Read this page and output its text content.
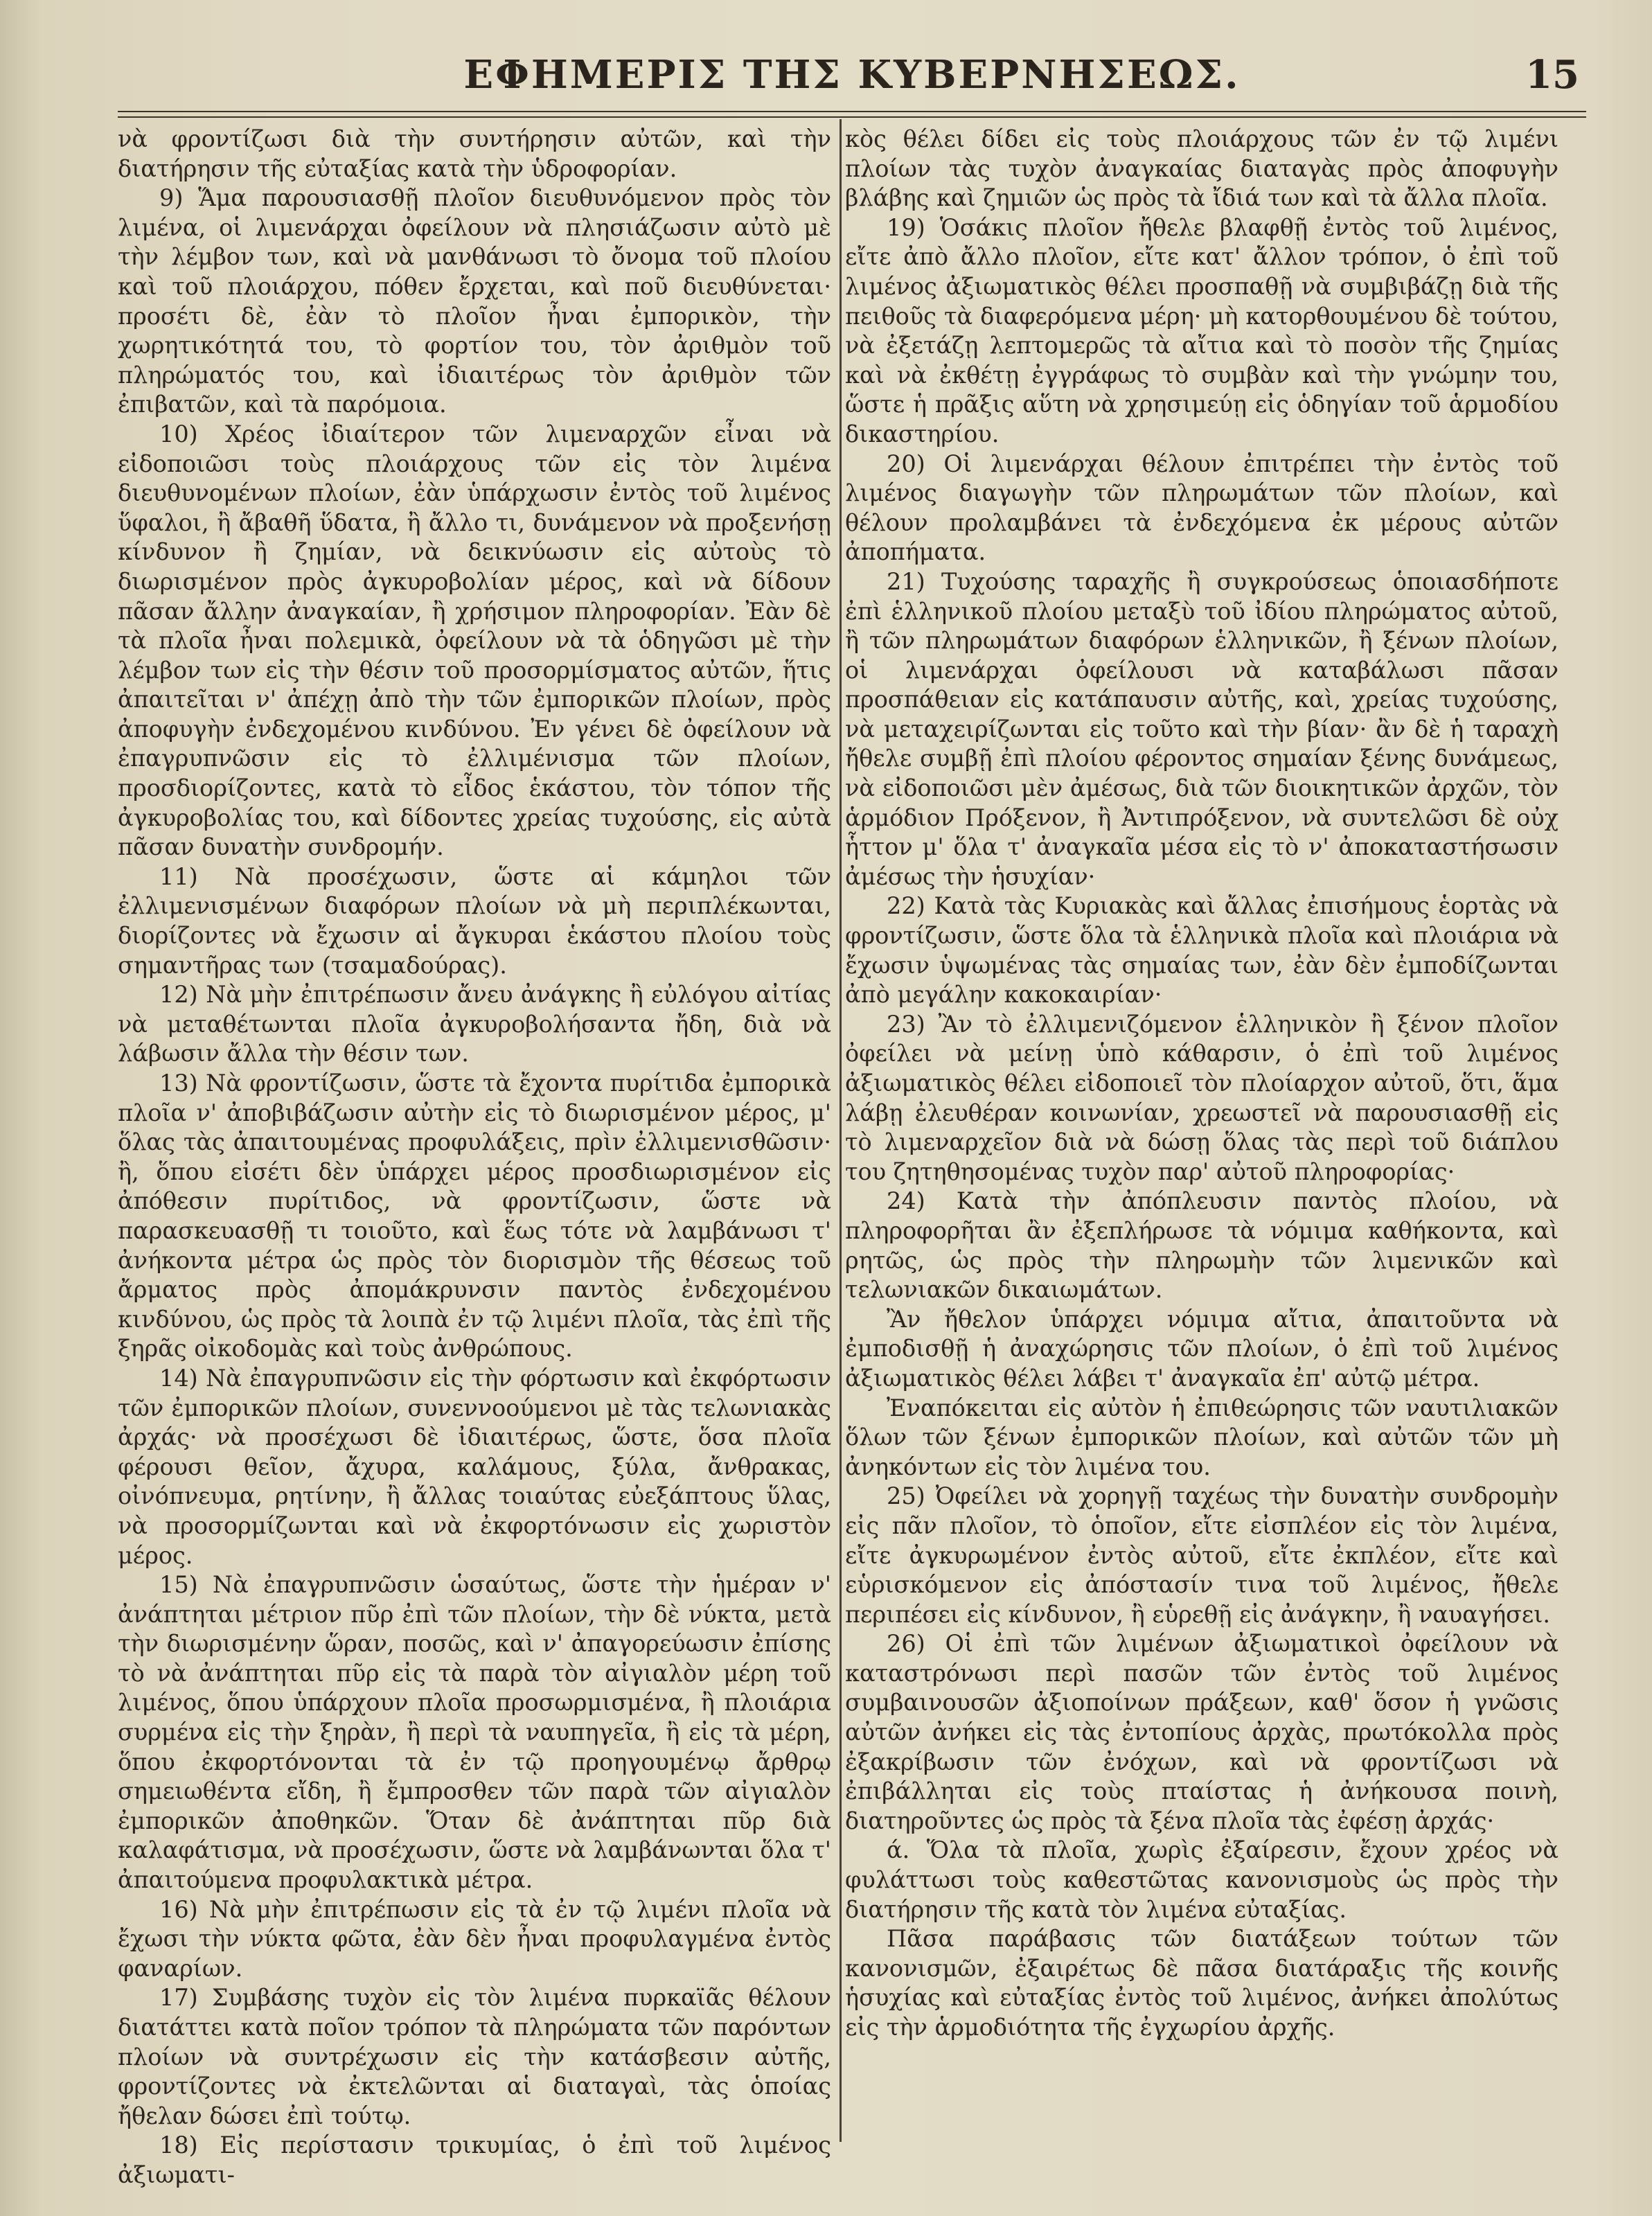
ΕΦΗΜΕΡΙΣ ΤΗΣ ΚΥΒΕΡΝΗΣΕΩΣ.	15

νὰ φροντίζωσι διὰ τὴν συντήρησιν αὐτῶν, καὶ τὴν διατήρησιν τῆς εὐταξίας κατὰ τὴν ὑδροφορίαν.

9) Ἅμα παρουσιασθῇ πλοῖον διευθυνόμενον πρὸς τὸν λιμένα, οἱ λιμενάρχαι ὀφείλουν νὰ πλησιάζωσιν αὐτὸ μὲ τὴν λέμβον των, καὶ νὰ μανθάνωσι τὸ ὄνομα τοῦ πλοίου καὶ τοῦ πλοιάρχου, πόθεν ἔρχεται, καὶ ποῦ διευθύνεται· προσέτι δὲ, ἐὰν τὸ πλοῖον ἦναι ἐμπορικὸν, τὴν χωρητικότητά του, τὸ φορτίον του, τὸν ἀριθμὸν τοῦ πληρώματός του, καὶ ἰδιαιτέρως τὸν ἀριθμὸν τῶν ἐπιβατῶν, καὶ τὰ παρόμοια.

10) Χρέος ἰδιαίτερον τῶν λιμεναρχῶν εἶναι νὰ εἰδοποιῶσι τοὺς πλοιάρχους τῶν εἰς τὸν λιμένα διευθυνομένων πλοίων, ἐὰν ὑπάρχωσιν ἐντὸς τοῦ λιμένος ὕφαλοι, ἢ ἄβαθῆ ὕδατα, ἢ ἄλλο τι, δυνάμενον νὰ προξενήσῃ κίνδυνον ἢ ζημίαν, νὰ δεικνύωσιν εἰς αὐτοὺς τὸ διωρισμένον πρὸς ἀγκυροβολίαν μέρος, καὶ νὰ δίδουν πᾶσαν ἄλλην ἀναγκαίαν, ἢ χρήσιμον πληροφορίαν. Ἐὰν δὲ τὰ πλοῖα ἦναι πολεμικὰ, ὀφείλουν νὰ τὰ ὁδηγῶσι μὲ τὴν λέμβον των εἰς τὴν θέσιν τοῦ προσορμίσματος αὐτῶν, ἥτις ἀπαιτεῖται ν' ἀπέχῃ ἀπὸ τὴν τῶν ἐμπορικῶν πλοίων, πρὸς ἀποφυγὴν ἐνδεχομένου κινδύνου. Ἐν γένει δὲ ὀφείλουν νὰ ἐπαγρυπνῶσιν εἰς τὸ ἐλλιμένισμα τῶν πλοίων, προσδιορίζοντες, κατὰ τὸ εἶδος ἑκάστου, τὸν τόπον τῆς ἀγκυροβολίας του, καὶ δίδοντες χρείας τυχούσης, εἰς αὐτὰ πᾶσαν δυνατὴν συνδρομήν.

11) Νὰ προσέχωσιν, ὥστε αἱ κάμηλοι τῶν ἐλλιμενισμένων διαφόρων πλοίων νὰ μὴ περιπλέκωνται, διορίζοντες νὰ ἔχωσιν αἱ ἄγκυραι ἑκάστου πλοίου τοὺς σημαντῆρας των (τσαμαδούρας).

12) Νὰ μὴν ἐπιτρέπωσιν ἄνευ ἀνάγκης ἢ εὐλόγου αἰτίας νὰ μεταθέτωνται πλοῖα ἀγκυροβολήσαντα ἤδη, διὰ νὰ λάβωσιν ἄλλα τὴν θέσιν των.

13) Νὰ φροντίζωσιν, ὥστε τὰ ἔχοντα πυρίτιδα ἐμπορικὰ πλοῖα ν' ἀποβιβάζωσιν αὐτὴν εἰς τὸ διωρισμένον μέρος, μ' ὅλας τὰς ἀπαιτουμένας προφυλάξεις, πρὶν ἐλλιμενισθῶσιν· ἢ, ὅπου εἰσέτι δὲν ὑπάρχει μέρος προσδιωρισμένον εἰς ἀπόθεσιν πυρίτιδος, νὰ φροντίζωσιν, ὥστε νὰ παρασκευασθῇ τι τοιοῦτο, καὶ ἕως τότε νὰ λαμβάνωσι τ' ἀνήκοντα μέτρα ὡς πρὸς τὸν διορισμὸν τῆς θέσεως τοῦ ἄρματος πρὸς ἀπομάκρυνσιν παντὸς ἐνδεχομένου κινδύνου, ὡς πρὸς τὰ λοιπὰ ἐν τῷ λιμένι πλοῖα, τὰς ἐπὶ τῆς ξηρᾶς οἰκοδομὰς καὶ τοὺς ἀνθρώπους.

14) Νὰ ἐπαγρυπνῶσιν εἰς τὴν φόρτωσιν καὶ ἐκφόρτωσιν τῶν ἐμπορικῶν πλοίων, συνεννοούμενοι μὲ τὰς τελωνιακὰς ἀρχάς· νὰ προσέχωσι δὲ ἰδιαιτέρως, ὥστε, ὅσα πλοῖα φέρουσι θεῖον, ἄχυρα, καλάμους, ξύλα, ἄνθρακας, οἰνόπνευμα, ρητίνην, ἢ ἄλλας τοιαύτας εὐεξάπτους ὕλας, νὰ προσορμίζωνται καὶ νὰ ἐκφορτόνωσιν εἰς χωριστὸν μέρος.

15) Νὰ ἐπαγρυπνῶσιν ὡσαύτως, ὥστε τὴν ἡμέραν ν' ἀνάπτηται μέτριον πῦρ ἐπὶ τῶν πλοίων, τὴν δὲ νύκτα, μετὰ τὴν διωρισμένην ὥραν, ποσῶς, καὶ ν' ἀπαγορεύωσιν ἐπίσης τὸ νὰ ἀνάπτηται πῦρ εἰς τὰ παρὰ τὸν αἰγιαλὸν μέρη τοῦ λιμένος, ὅπου ὑπάρχουν πλοῖα προσωρμισμένα, ἢ πλοιάρια συρμένα εἰς τὴν ξηρὰν, ἢ περὶ τὰ ναυπηγεῖα, ἢ εἰς τὰ μέρη, ὅπου ἐκφορτόνονται τὰ ἐν τῷ προηγουμένῳ ἄρθρῳ σημειωθέντα εἴδη, ἢ ἔμπροσθεν τῶν παρὰ τῶν αἰγιαλὸν ἐμπορικῶν ἀποθηκῶν. Ὅταν δὲ ἀνάπτηται πῦρ διὰ καλαφάτισμα, νὰ προσέχωσιν, ὥστε νὰ λαμβάνωνται ὅλα τ' ἀπαιτούμενα προφυλακτικὰ μέτρα.

16) Νὰ μὴν ἐπιτρέπωσιν εἰς τὰ ἐν τῷ λιμένι πλοῖα νὰ ἔχωσι τὴν νύκτα φῶτα, ἐὰν δὲν ἦναι προφυλαγμένα ἐντὸς φαναρίων.

17) Συμβάσης τυχὸν εἰς τὸν λιμένα πυρκαϊᾶς θέλουν διατάττει κατὰ ποῖον τρόπον τὰ πληρώματα τῶν παρόντων πλοίων νὰ συντρέχωσιν εἰς τὴν κατάσβεσιν αὐτῆς, φροντίζοντες νὰ ἐκτελῶνται αἱ διαταγαὶ, τὰς ὁποίας ἤθελαν δώσει ἐπὶ τούτῳ.

18) Εἰς περίστασιν τρικυμίας, ὁ ἐπὶ τοῦ λιμένος ἀξιωματι-

κὸς θέλει δίδει εἰς τοὺς πλοιάρχους τῶν ἐν τῷ λιμένι πλοίων τὰς τυχὸν ἀναγκαίας διαταγὰς πρὸς ἀποφυγὴν βλάβης καὶ ζημιῶν ὡς πρὸς τὰ ἴδιά των καὶ τὰ ἄλλα πλοῖα.

19) Ὁσάκις πλοῖον ἤθελε βλαφθῇ ἐντὸς τοῦ λιμένος, εἴτε ἀπὸ ἄλλο πλοῖον, εἴτε κατ' ἄλλον τρόπον, ὁ ἐπὶ τοῦ λιμένος ἀξιωματικὸς θέλει προσπαθῇ νὰ συμβιβάζῃ διὰ τῆς πειθοῦς τὰ διαφερόμενα μέρη· μὴ κατορθουμένου δὲ τούτου, νὰ ἐξετάζῃ λεπτομερῶς τὰ αἴτια καὶ τὸ ποσὸν τῆς ζημίας καὶ νὰ ἐκθέτῃ ἐγγράφως τὸ συμβὰν καὶ τὴν γνώμην του, ὥστε ἡ πρᾶξις αὕτη νὰ χρησιμεύῃ εἰς ὁδηγίαν τοῦ ἁρμοδίου δικαστηρίου.

20) Οἱ λιμενάρχαι θέλουν ἐπιτρέπει τὴν ἐντὸς τοῦ λιμένος διαγωγὴν τῶν πληρωμάτων τῶν πλοίων, καὶ θέλουν προλαμβάνει τὰ ἐνδεχόμενα ἐκ μέρους αὐτῶν ἀποπήματα.

21) Τυχούσης ταραχῆς ἢ συγκρούσεως ὁποιασδήποτε ἐπὶ ἑλληνικοῦ πλοίου μεταξὺ τοῦ ἰδίου πληρώματος αὐτοῦ, ἢ τῶν πληρωμάτων διαφόρων ἑλληνικῶν, ἢ ξένων πλοίων, οἱ λιμενάρχαι ὀφείλουσι νὰ καταβάλωσι πᾶσαν προσπάθειαν εἰς κατάπαυσιν αὐτῆς, καὶ, χρείας τυχούσης, νὰ μεταχειρίζωνται εἰς τοῦτο καὶ τὴν βίαν· ἂν δὲ ἡ ταραχὴ ἤθελε συμβῇ ἐπὶ πλοίου φέροντος σημαίαν ξένης δυνάμεως, νὰ εἰδοποιῶσι μὲν ἀμέσως, διὰ τῶν διοικητικῶν ἀρχῶν, τὸν ἁρμόδιον Πρόξενον, ἢ Ἀντιπρόξενον, νὰ συντελῶσι δὲ οὐχ ἧττον μ' ὅλα τ' ἀναγκαῖα μέσα εἰς τὸ ν' ἀποκαταστήσωσιν ἀμέσως τὴν ἡσυχίαν·

22) Κατὰ τὰς Κυριακὰς καὶ ἄλλας ἐπισήμους ἑορτὰς νὰ φροντίζωσιν, ὥστε ὅλα τὰ ἑλληνικὰ πλοῖα καὶ πλοιάρια νὰ ἔχωσιν ὑψωμένας τὰς σημαίας των, ἐὰν δὲν ἐμποδίζωνται ἀπὸ μεγάλην κακοκαιρίαν·

23) Ἂν τὸ ἐλλιμενιζόμενον ἑλληνικὸν ἢ ξένον πλοῖον ὀφείλει νὰ μείνῃ ὑπὸ κάθαρσιν, ὁ ἐπὶ τοῦ λιμένος ἀξιωματικὸς θέλει εἰδοποιεῖ τὸν πλοίαρχον αὐτοῦ, ὅτι, ἅμα λάβῃ ἐλευθέραν κοινωνίαν, χρεωστεῖ νὰ παρουσιασθῇ εἰς τὸ λιμεναρχεῖον διὰ νὰ δώσῃ ὅλας τὰς περὶ τοῦ διάπλου του ζητηθησομένας τυχὸν παρ' αὐτοῦ πληροφορίας·

24) Κατὰ τὴν ἀπόπλευσιν παντὸς πλοίου, νὰ πληροφορῆται ἂν ἐξεπλήρωσε τὰ νόμιμα καθήκοντα, καὶ ρητῶς, ὡς πρὸς τὴν πληρωμὴν τῶν λιμενικῶν καὶ τελωνιακῶν δικαιωμάτων.

Ἂν ἤθελον ὑπάρχει νόμιμα αἴτια, ἀπαιτοῦντα νὰ ἐμποδισθῇ ἡ ἀναχώρησις τῶν πλοίων, ὁ ἐπὶ τοῦ λιμένος ἀξιωματικὸς θέλει λάβει τ' ἀναγκαῖα ἐπ' αὐτῷ μέτρα.

Ἐναπόκειται εἰς αὐτὸν ἡ ἐπιθεώρησις τῶν ναυτιλιακῶν ὅλων τῶν ξένων ἐμπορικῶν πλοίων, καὶ αὐτῶν τῶν μὴ ἀνηκόντων εἰς τὸν λιμένα του.

25) Ὀφείλει νὰ χορηγῇ ταχέως τὴν δυνατὴν συνδρομὴν εἰς πᾶν πλοῖον, τὸ ὁποῖον, εἴτε εἰσπλέον εἰς τὸν λιμένα, εἴτε ἀγκυρωμένον ἐντὸς αὐτοῦ, εἴτε ἐκπλέον, εἴτε καὶ εὑρισκόμενον εἰς ἀπόστασίν τινα τοῦ λιμένος, ἤθελε περιπέσει εἰς κίνδυνον, ἢ εὑρεθῇ εἰς ἀνάγκην, ἢ ναυαγήσει.

26) Οἱ ἐπὶ τῶν λιμένων ἀξιωματικοὶ ὀφείλουν νὰ καταστρόνωσι περὶ πασῶν τῶν ἐντὸς τοῦ λιμένος συμβαινουσῶν ἀξιοποίνων πράξεων, καθ' ὅσον ἡ γνῶσις αὐτῶν ἀνήκει εἰς τὰς ἐντοπίους ἀρχὰς, πρωτόκολλα πρὸς ἐξακρίβωσιν τῶν ἐνόχων, καὶ νὰ φροντίζωσι νὰ ἐπιβάλληται εἰς τοὺς πταίστας ἡ ἀνήκουσα ποινὴ, διατηροῦντες ὡς πρὸς τὰ ξένα πλοῖα τὰς ἐφέσῃ ἀρχάς·

ά. Ὅλα τὰ πλοῖα, χωρὶς ἐξαίρεσιν, ἔχουν χρέος νὰ φυλάττωσι τοὺς καθεστῶτας κανονισμοὺς ὡς πρὸς τὴν διατήρησιν τῆς κατὰ τὸν λιμένα εὐταξίας.

Πᾶσα παράβασις τῶν διατάξεων τούτων τῶν κανονισμῶν, ἐξαιρέτως δὲ πᾶσα διατάραξις τῆς κοινῆς ἡσυχίας καὶ εὐταξίας ἐντὸς τοῦ λιμένος, ἀνήκει ἀπολύτως εἰς τὴν ἁρμοδιότητα τῆς ἐγχωρίου ἀρχῆς.
